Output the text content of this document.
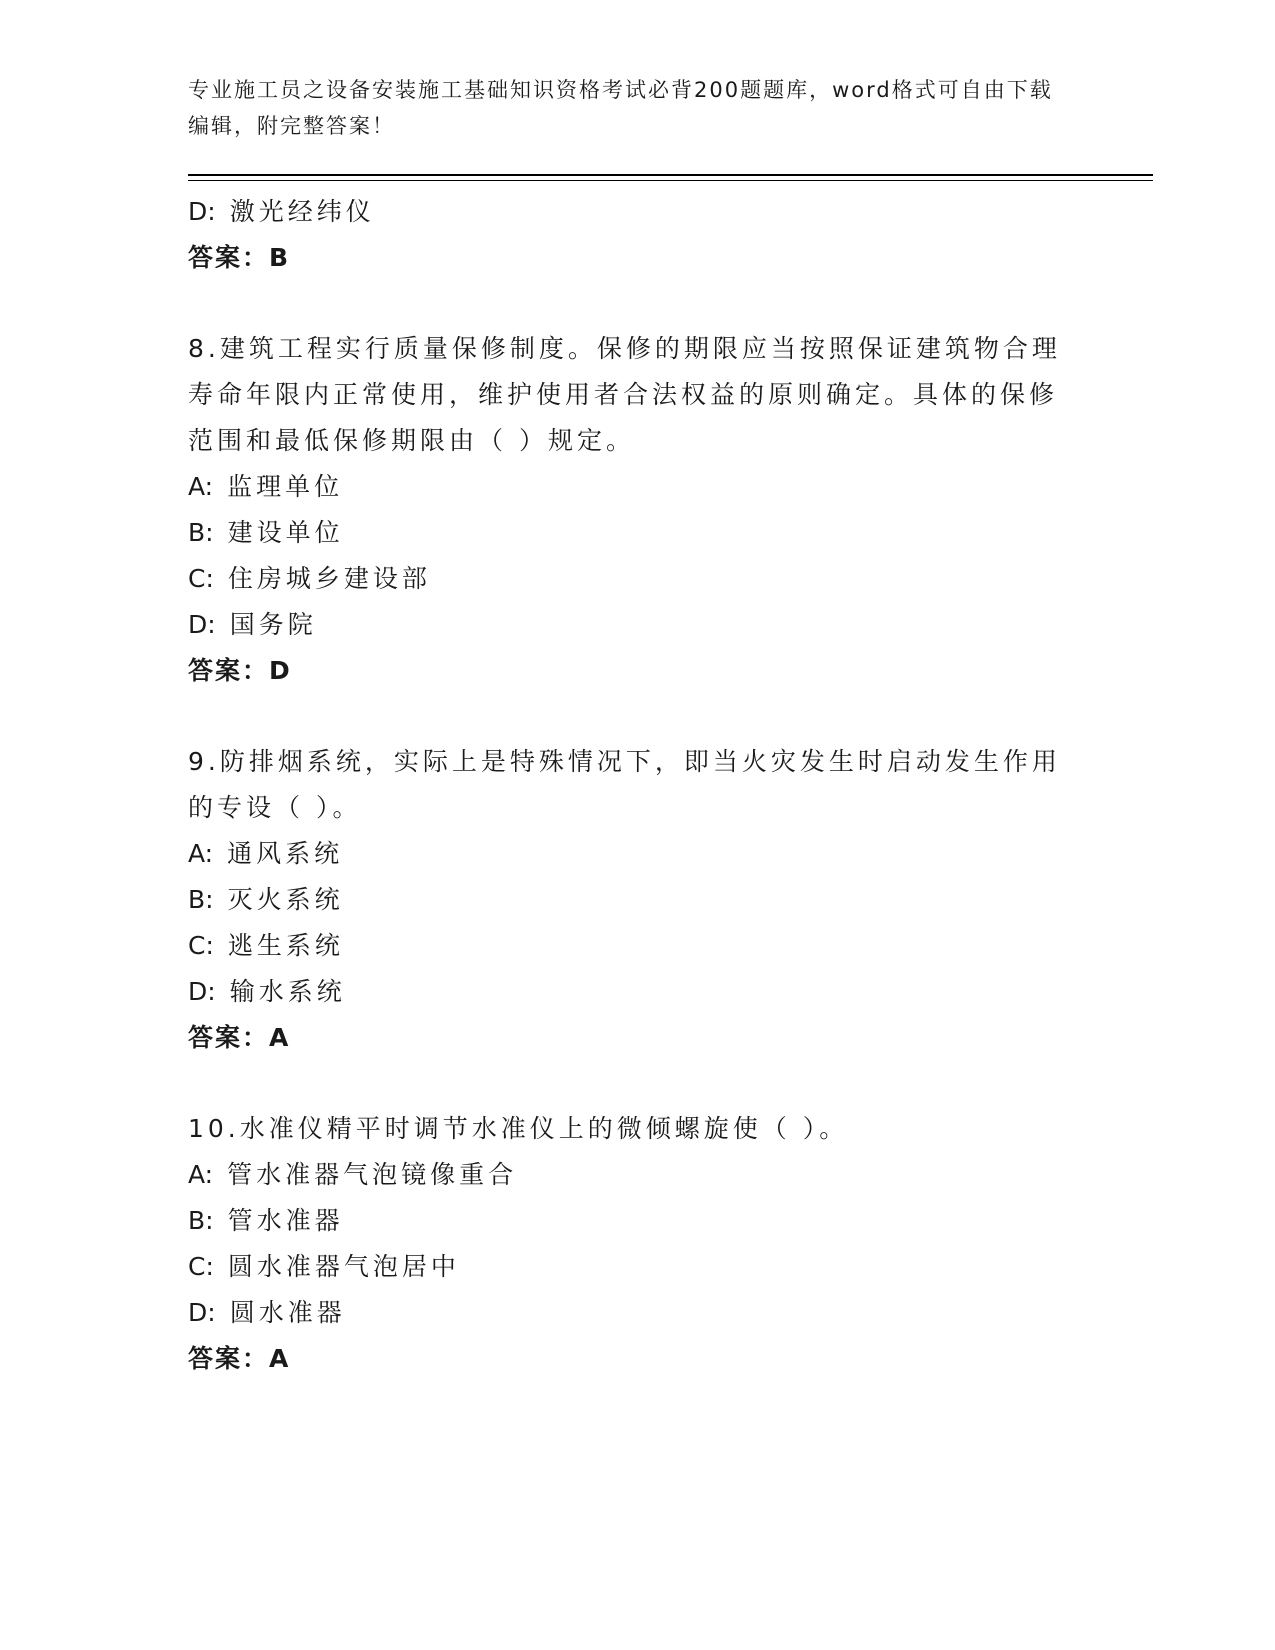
专业施工员之设备安装施工基础知识资格考试必背200题题库，word格式可自由下载编辑，附完整答案！

D: 激光经纬仪
答案：B
8.建筑工程实行质量保修制度。保修的期限应当按照保证建筑物合理
寿命年限内正常使用，维护使用者合法权益的原则确定。具体的保修
范围和最低保修期限由（ ）规定。
A: 监理单位
B: 建设单位
C: 住房城乡建设部
D: 国务院
答案：D
9.防排烟系统，实际上是特殊情况下，即当火灾发生时启动发生作用
的专设（ ）。
A: 通风系统
B: 灭火系统
C: 逃生系统
D: 输水系统
答案：A
10.水准仪精平时调节水准仪上的微倾螺旋使（ ）。
A: 管水准器气泡镜像重合
B: 管水准器
C: 圆水准器气泡居中
D: 圆水准器
答案：A
